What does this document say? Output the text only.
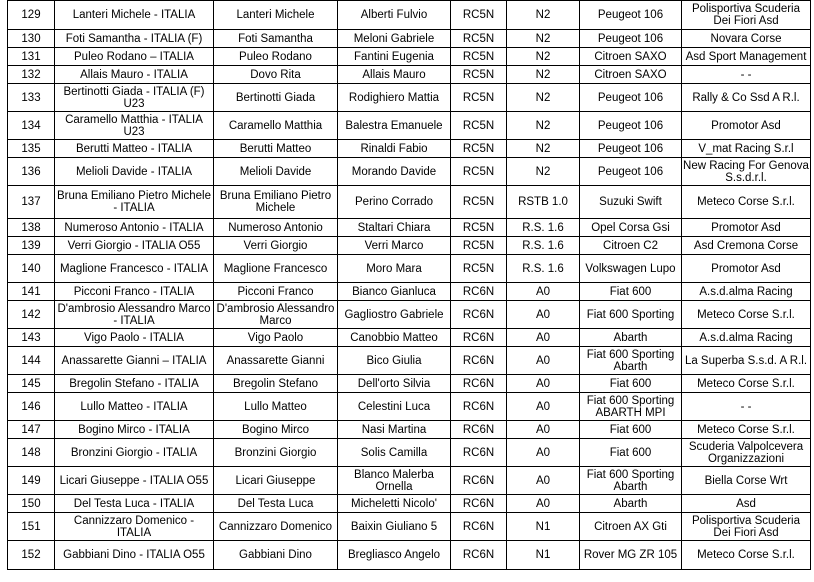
129	Lanteri Michele - ITALIA	Lanteri Michele	Alberti Fulvio	RC5N	N2	Peugeot 106	Polisportiva Scuderia Dei Fiori Asd
130	Foti Samantha - ITALIA (F)	Foti Samantha	Meloni Gabriele	RC5N	N2	Peugeot 106	Novara Corse
131	Puleo Rodano – ITALIA	Puleo Rodano	Fantini Eugenia	RC5N	N2	Citroen SAXO	Asd Sport Management
132	Allais Mauro - ITALIA	Dovo Rita	Allais Mauro	RC5N	N2	Citroen SAXO	- -
133	Bertinotti Giada - ITALIA (F) U23	Bertinotti Giada	Rodighiero Mattia	RC5N	N2	Peugeot 106	Rally & Co Ssd A R.l.
134	Caramello Matthia - ITALIA U23	Caramello Matthia	Balestra Emanuele	RC5N	N2	Peugeot 106	Promotor Asd
135	Berutti Matteo - ITALIA	Berutti Matteo	Rinaldi Fabio	RC5N	N2	Peugeot 106	V_mat Racing S.r.l
136	Melioli Davide - ITALIA	Melioli Davide	Morando Davide	RC5N	N2	Peugeot 106	New Racing For Genova S.s.d.r.l.
137	Bruna Emiliano Pietro Michele - ITALIA	Bruna Emiliano Pietro Michele	Perino Corrado	RC5N	RSTB 1.0	Suzuki Swift	Meteco Corse S.r.l.
138	Numeroso Antonio - ITALIA	Numeroso Antonio	Staltari Chiara	RC5N	R.S. 1.6	Opel Corsa Gsi	Promotor Asd
139	Verri Giorgio - ITALIA O55	Verri Giorgio	Verri Marco	RC5N	R.S. 1.6	Citroen C2	Asd Cremona Corse
140	Maglione Francesco - ITALIA	Maglione Francesco	Moro Mara	RC5N	R.S. 1.6	Volkswagen Lupo	Promotor Asd
141	Picconi Franco - ITALIA	Picconi Franco	Bianco Gianluca	RC6N	A0	Fiat 600	A.s.d.alma Racing
142	D'ambrosio Alessandro Marco - ITALIA	D'ambrosio Alessandro Marco	Gagliostro Gabriele	RC6N	A0	Fiat 600 Sporting	Meteco Corse S.r.l.
143	Vigo Paolo - ITALIA	Vigo Paolo	Canobbio Matteo	RC6N	A0	Abarth	A.s.d.alma Racing
144	Anassarette Gianni – ITALIA	Anassarette Gianni	Bico Giulia	RC6N	A0	Fiat 600 Sporting Abarth	La Superba S.s.d. A R.l.
145	Bregolin Stefano - ITALIA	Bregolin Stefano	Dell'orto Silvia	RC6N	A0	Fiat 600	Meteco Corse S.r.l.
146	Lullo Matteo - ITALIA	Lullo Matteo	Celestini Luca	RC6N	A0	Fiat 600 Sporting ABARTH MPI	- -
147	Bogino Mirco - ITALIA	Bogino Mirco	Nasi Martina	RC6N	A0	Fiat 600	Meteco Corse S.r.l.
148	Bronzini Giorgio - ITALIA	Bronzini Giorgio	Solis Camilla	RC6N	A0	Fiat 600	Scuderia Valpolcevera Organizzazioni
149	Licari Giuseppe - ITALIA O55	Licari Giuseppe	Blanco Malerba Ornella	RC6N	A0	Fiat 600 Sporting Abarth	Biella Corse Wrt
150	Del Testa Luca - ITALIA	Del Testa Luca	Micheletti Nicolo'	RC6N	A0	Abarth	Asd
151	Cannizzaro Domenico - ITALIA	Cannizzaro Domenico	Baixin Giuliano 5	RC6N	N1	Citroen AX Gti	Polisportiva Scuderia Dei Fiori Asd
152	Gabbiani Dino - ITALIA O55	Gabbiani Dino	Bregliasco Angelo	RC6N	N1	Rover MG ZR 105	Meteco Corse S.r.l.
